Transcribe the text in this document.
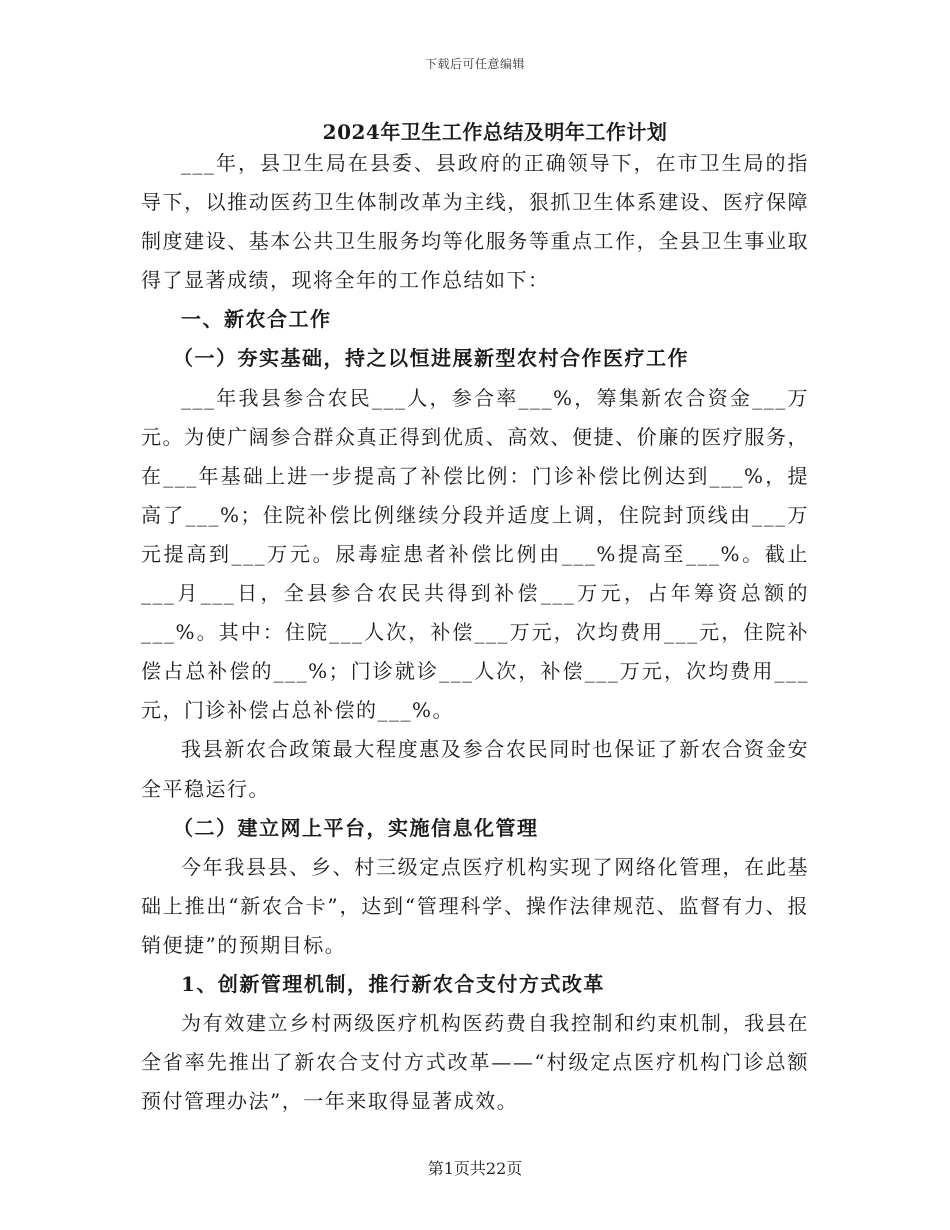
下载后可任意编辑
2024年卫生工作总结及明年工作计划

___年，县卫生局在县委、县政府的正确领导下，在市卫生局的指导下，以推动医药卫生体制改革为主线，狠抓卫生体系建设、医疗保障制度建设、基本公共卫生服务均等化服务等重点工作，全县卫生事业取得了显著成绩，现将全年的工作总结如下：

一、新农合工作

（一）夯实基础，持之以恒进展新型农村合作医疗工作

___年我县参合农民___人，参合率___%，筹集新农合资金___万元。为使广阔参合群众真正得到优质、高效、便捷、价廉的医疗服务，在___年基础上进一步提高了补偿比例：门诊补偿比例达到___%，提高了___%；住院补偿比例继续分段并适度上调，住院封顶线由___万元提高到___万元。尿毒症患者补偿比例由___%提高至___%。截止___月___日，全县参合农民共得到补偿___万元，占年筹资总额的___%。其中：住院___人次，补偿___万元，次均费用___元，住院补偿占总补偿的___%；门诊就诊___人次，补偿___万元，次均费用___元，门诊补偿占总补偿的___%。

我县新农合政策最大程度惠及参合农民同时也保证了新农合资金安全平稳运行。

（二）建立网上平台，实施信息化管理

今年我县县、乡、村三级定点医疗机构实现了网络化管理，在此基础上推出“新农合卡”，达到“管理科学、操作法律规范、监督有力、报销便捷”的预期目标。

1、创新管理机制，推行新农合支付方式改革

为有效建立乡村两级医疗机构医药费自我控制和约束机制，我县在全省率先推出了新农合支付方式改革——“村级定点医疗机构门诊总额预付管理办法”，一年来取得显著成效。

第1页共22页
